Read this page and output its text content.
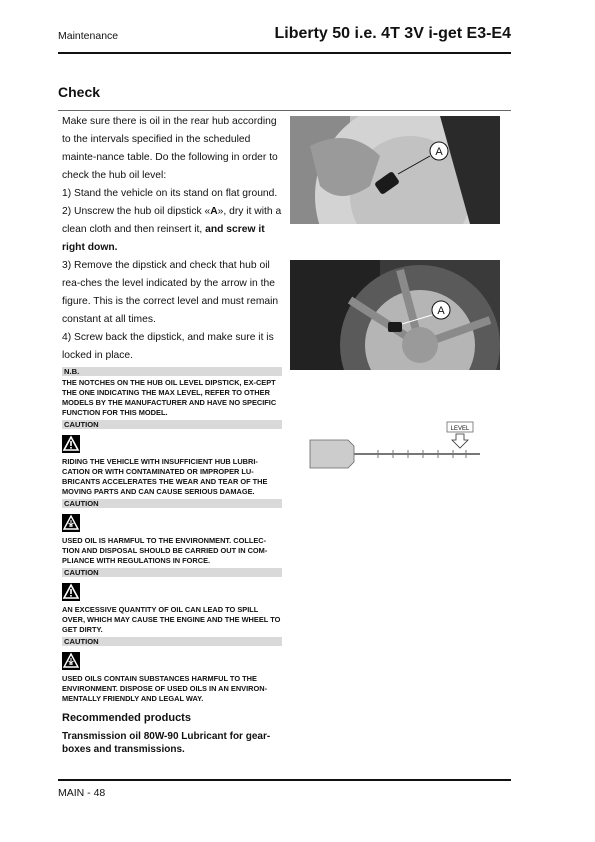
Maintenance	Liberty 50 i.e. 4T 3V i-get E3-E4
Check

Make sure there is oil in the rear hub according to the intervals specified in the scheduled mainte-nance table. Do the following in order to check the hub oil level:

1) Stand the vehicle on its stand on flat ground.

2) Unscrew the hub oil dipstick «A», dry it with a clean cloth and then reinsert it, and screw it right down.

3) Remove the dipstick and check that hub oil rea-ches the level indicated by the arrow in the figure. This is the correct level and must remain constant at all times.

4) Screw back the dipstick, and make sure it is locked in place.

N.B.

THE NOTCHES ON THE HUB OIL LEVEL DIPSTICK, EX-CEPT THE ONE INDICATING THE MAX LEVEL, REFER TO OTHER MODELS BY THE MANUFACTURER AND HAVE NO SPECIFIC FUNCTION FOR THIS MODEL.

CAUTION

RIDING THE VEHICLE WITH INSUFFICIENT HUB LUBRI-CATION OR WITH CONTAMINATED OR IMPROPER LU-BRICANTS ACCELERATES THE WEAR AND TEAR OF THE MOVING PARTS AND CAN CAUSE SERIOUS DAMAGE.

CAUTION

USED OIL IS HARMFUL TO THE ENVIRONMENT. COLLEC-TION AND DISPOSAL SHOULD BE CARRIED OUT IN COM-PLIANCE WITH REGULATIONS IN FORCE.

CAUTION

AN EXCESSIVE QUANTITY OF OIL CAN LEAD TO SPILL OVER, WHICH MAY CAUSE THE ENGINE AND THE WHEEL TO GET DIRTY.

CAUTION

USED OILS CONTAIN SUBSTANCES HARMFUL TO THE ENVIRONMENT. DISPOSE OF USED OILS IN AN ENVIRON-MENTALLY FRIENDLY AND LEGAL WAY.

Recommended products
Transmission oil 80W-90 Lubricant for gear-boxes and transmissions.
A
A
LEVEL
MAIN - 48
